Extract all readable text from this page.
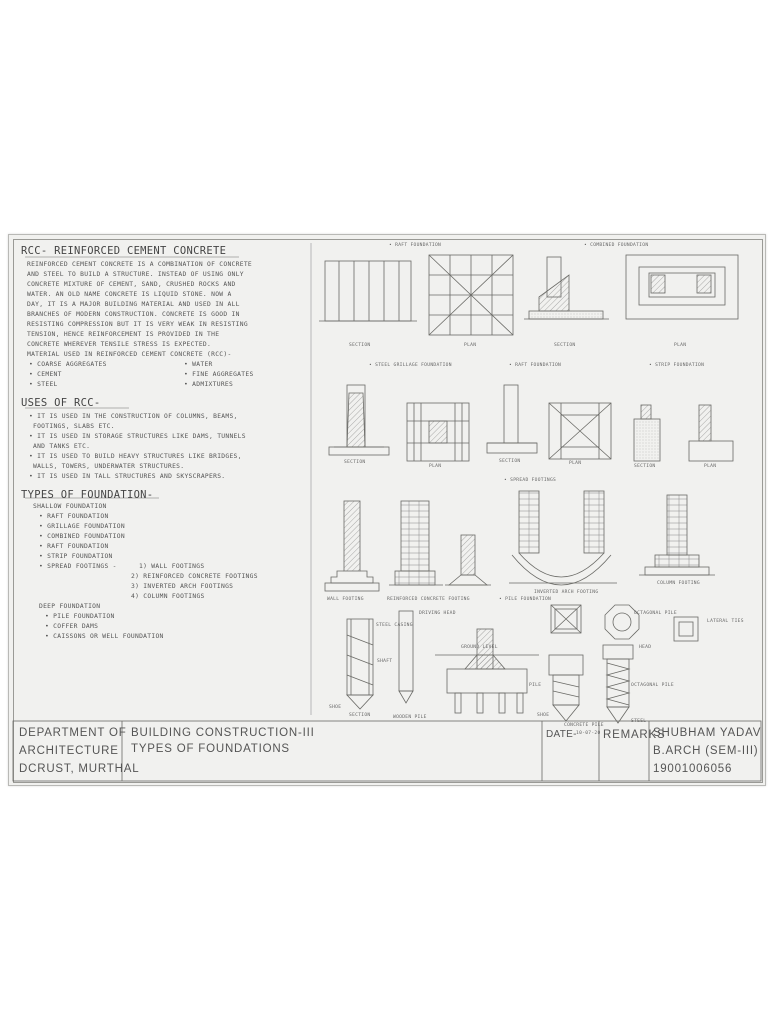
RCC- REINFORCED CEMENT CONCRETE
REINFORCED CEMENT CONCRETE IS A COMBINATION OF CONCRETE
AND STEEL TO BUILD A STRUCTURE. INSTEAD OF USING ONLY
CONCRETE MIXTURE OF CEMENT, SAND, CRUSHED ROCKS AND
WATER. AN OLD NAME CONCRETE IS LIQUID STONE. NOW A
DAY, IT IS A MAJOR BUILDING MATERIAL AND USED IN ALL
BRANCHES OF MODERN CONSTRUCTION. CONCRETE IS GOOD IN
RESISTING COMPRESSION BUT IT IS VERY WEAK IN RESISTING
TENSION, HENCE REINFORCEMENT IS PROVIDED IN THE
CONCRETE WHEREVER TENSILE STRESS IS EXPECTED.
MATERIAL USED IN REINFORCED CEMENT CONCRETE (RCC)-
• COARSE AGGREGATES
• CEMENT
• STEEL
• WATER
• FINE AGGREGATES
• ADMIXTURES
USES OF RCC-
• IT IS USED IN THE CONSTRUCTION OF COLUMNS, BEAMS,
FOOTINGS, SLABS ETC.
• IT IS USED IN STORAGE STRUCTURES LIKE DAMS, TUNNELS
AND TANKS ETC.
• IT IS USED TO BUILD HEAVY STRUCTURES LIKE BRIDGES,
WALLS, TOWERS, UNDERWATER STRUCTURES.
• IT IS USED IN TALL STRUCTURES AND SKYSCRAPERS.
TYPES OF FOUNDATION-
SHALLOW FOUNDATION
• RAFT FOUNDATION
• GRILLAGE FOUNDATION
• COMBINED FOUNDATION
• RAFT FOUNDATION
• STRIP FOUNDATION
• SPREAD FOOTINGS -	1) WALL FOOTINGS
2) REINFORCED CONCRETE FOOTINGS
3) INVERTED ARCH FOOTINGS
4) COLUMN FOOTINGS
DEEP FOUNDATION
• PILE FOUNDATION
• COFFER DAMS
• CAISSONS OR WELL FOUNDATION
• RAFT FOUNDATION	• COMBINED FOUNDATION
SECTION	PLAN	SECTION	PLAN
• STEEL GRILLAGE FOUNDATION	• RAFT FOUNDATION	• STRIP FOUNDATION
SECTION
PLAN
SECTION	PLAN
SECTION	PLAN
• SPREAD FOOTINGS
WALL FOOTING	REINFORCED CONCRETE FOOTING
INVERTED ARCH FOOTING
COLUMN FOOTING
• PILE FOUNDATION
STEEL CASING
DRIVING HEAD
SHAFT
GROUND LEVEL
PILE
SHOE
SECTION	WOODEN PILE	SHOE
CONCRETE PILE
OCTAGONAL PILE
HEAD
OCTAGONAL PILE
STEEL
LATERAL TIES
DEPARTMENT OF
ARCHITECTURE
DCRUST, MURTHAL
BUILDING CONSTRUCTION-III
TYPES OF FOUNDATIONS
DATE- 10-07-20 REMARKS
SHUBHAM YADAV
B.ARCH (SEM-III)
19001006056
